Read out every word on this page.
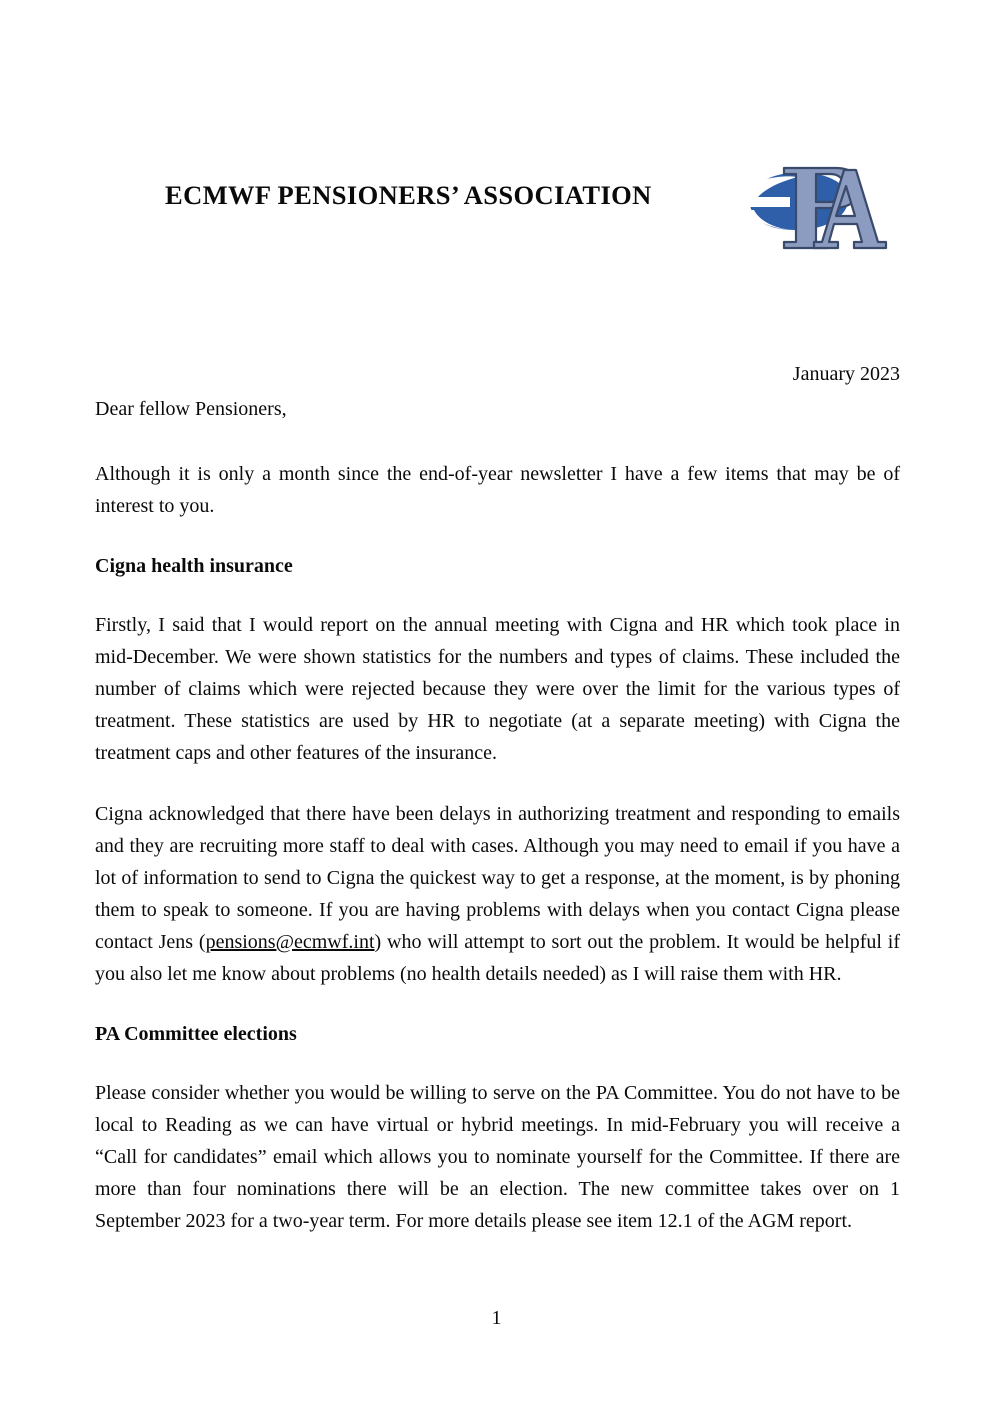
ECMWF PENSIONERS’ ASSOCIATION
January 2023
Dear fellow Pensioners,

Although it is only a month since the end-of-year newsletter I have a few items that may be of interest to you.

Cigna health insurance

Firstly, I said that I would report on the annual meeting with Cigna and HR which took place in mid-December. We were shown statistics for the numbers and types of claims. These included the number of claims which were rejected because they were over the limit for the various types of treatment. These statistics are used by HR to negotiate (at a separate meeting) with Cigna the treatment caps and other features of the insurance.

Cigna acknowledged that there have been delays in authorizing treatment and responding to emails and they are recruiting more staff to deal with cases. Although you may need to email if you have a lot of information to send to Cigna the quickest way to get a response, at the moment, is by phoning them to speak to someone. If you are having problems with delays when you contact Cigna please contact Jens (pensions@ecmwf.int) who will attempt to sort out the problem. It would be helpful if you also let me know about problems (no health details needed) as I will raise them with HR.

PA Committee elections

Please consider whether you would be willing to serve on the PA Committee. You do not have to be local to Reading as we can have virtual or hybrid meetings. In mid-February you will receive a “Call for candidates” email which allows you to nominate yourself for the Committee. If there are more than four nominations there will be an election. The new committee takes over on 1 September 2023 for a two-year term. For more details please see item 12.1 of the AGM report.

1
